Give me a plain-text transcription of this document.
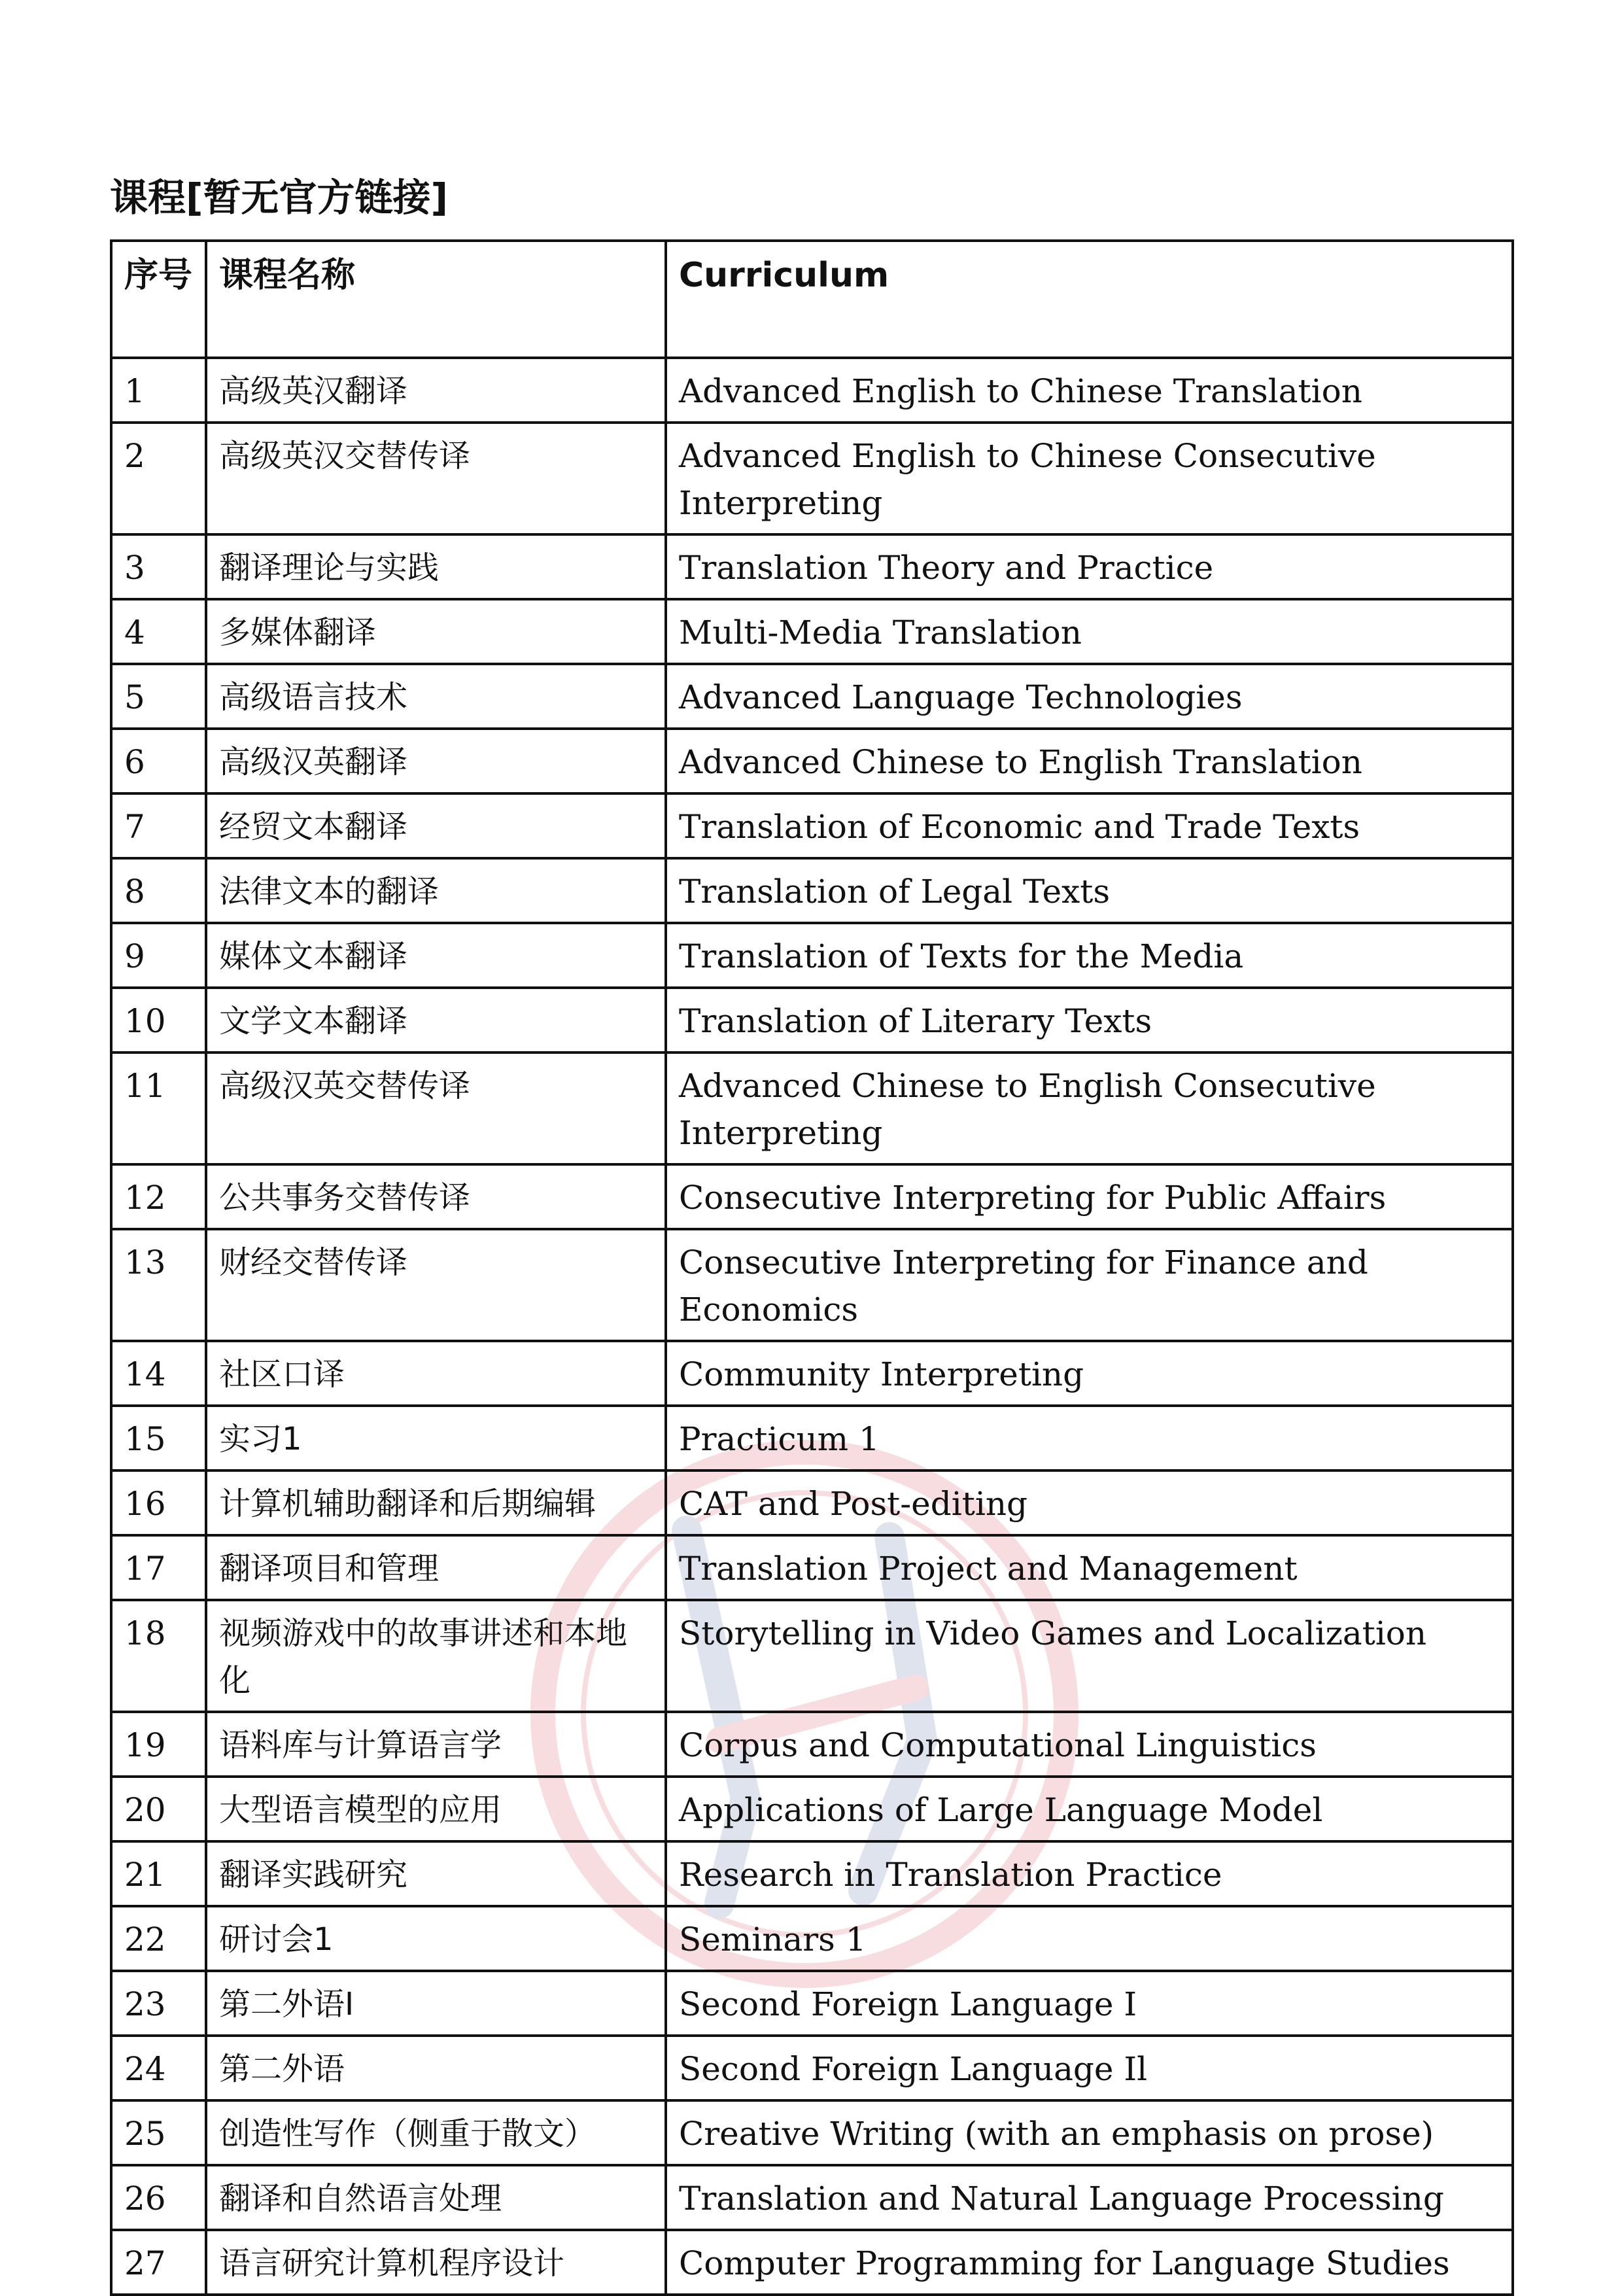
课程[暂无官方链接]
序号	课程名称	Curriculum
1	高级英汉翻译	Advanced English to Chinese Translation
2	高级英汉交替传译	Advanced English to Chinese Consecutive Interpreting
3	翻译理论与实践	Translation Theory and Practice
4	多媒体翻译	Multi-Media Translation
5	高级语言技术	Advanced Language Technologies
6	高级汉英翻译	Advanced Chinese to English Translation
7	经贸文本翻译	Translation of Economic and Trade Texts
8	法律文本的翻译	Translation of Legal Texts
9	媒体文本翻译	Translation of Texts for the Media
10	文学文本翻译	Translation of Literary Texts
11	高级汉英交替传译	Advanced Chinese to English Consecutive Interpreting
12	公共事务交替传译	Consecutive Interpreting for Public Affairs
13	财经交替传译	Consecutive Interpreting for Finance and Economics
14	社区口译	Community Interpreting
15	实习1	Practicum 1
16	计算机辅助翻译和后期编辑	CAT and Post-editing
17	翻译项目和管理	Translation Project and Management
18	视频游戏中的故事讲述和本地化	Storytelling in Video Games and Localization
19	语料库与计算语言学	Corpus and Computational Linguistics
20	大型语言模型的应用	Applications of Large Language Model
21	翻译实践研究	Research in Translation Practice
22	研讨会1	Seminars 1
23	第二外语I	Second Foreign Language I
24	第二外语	Second Foreign Language Il
25	创造性写作（侧重于散文）	Creative Writing (with an emphasis on prose)
26	翻译和自然语言处理	Translation and Natural Language Processing
27	语言研究计算机程序设计	Computer Programming for Language Studies
